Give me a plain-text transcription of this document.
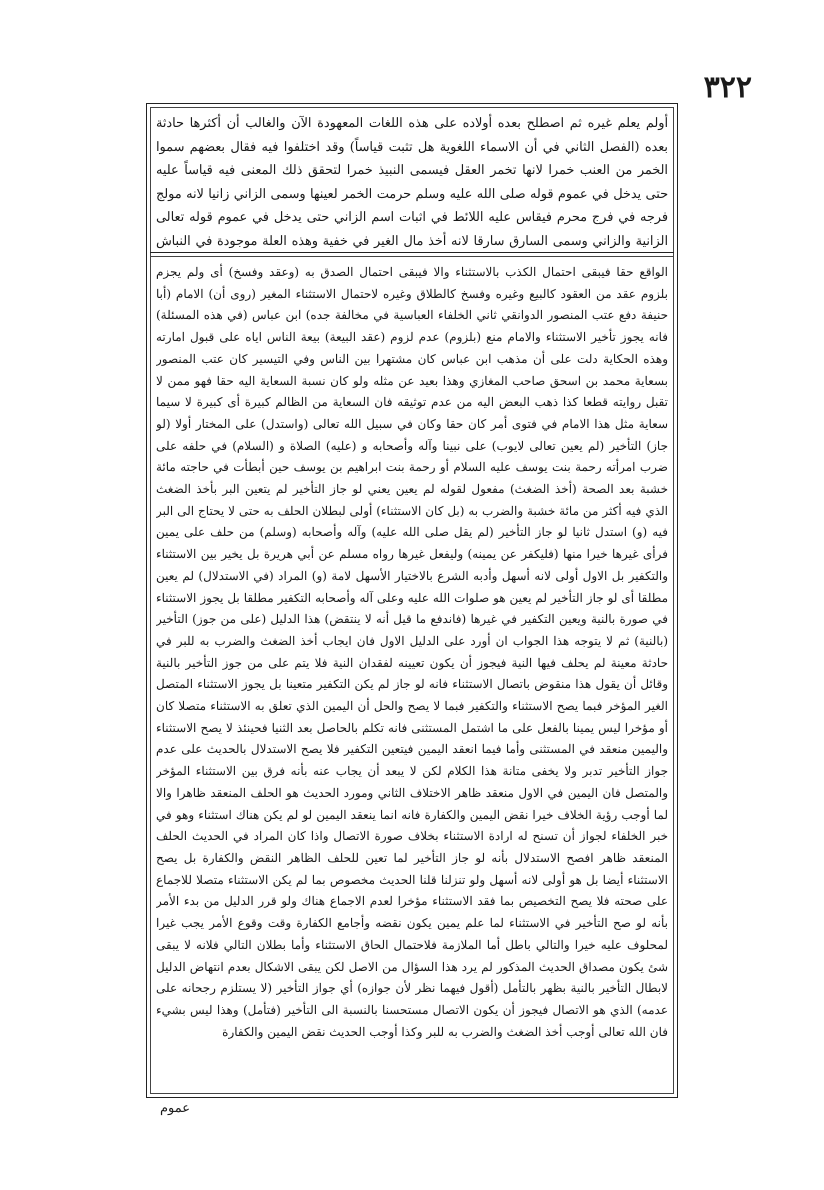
٣٢٢
أولم يعلم غيره ثم اصطلح بعده أولاده على هذه اللغات المعهودة الآن والغالب أن أكثرها حادثة بعده (الفصل الثاني في أن الاسماء اللغوية هل تثبت قياساً) وقد اختلفوا فيه فقال بعضهم سموا الخمر من العنب خمرا لانها تخمر العقل فيسمى النبيذ خمرا لتحقق ذلك المعنى فيه قياساً عليه حتى يدخل في عموم قوله صلى الله عليه وسلم حرمت الخمر لعينها وسمى الزاني زانيا لانه مولج فرجه في فرج محرم فيقاس عليه اللائط في اثبات اسم الزاني حتى يدخل في عموم قوله تعالى الزانية والزاني وسمى السارق سارقا لانه أخذ مال الغير في خفية وهذه العلة موجودة في النباش
الواقع حقا فيبقى احتمال الكذب بالاستثناء والا فيبقى احتمال الصدق به (وعقد وفسخ) أى ولم يجزم بلزوم عقد من العقود كالبيع وغيره وفسخ كالطلاق وغيره لاحتمال الاستثناء المغير (روى أن) الامام (أبا حنيفة دفع عتب المنصور الدوانقي ثاني الخلفاء العباسية في مخالفة جده) ابن عباس (في هذه المسئلة) فانه يجوز تأخير الاستثناء والامام منع (بلزوم) عدم لزوم (عقد البيعة) بيعة الناس اياه على قبول امارته وهذه الحكاية دلت على أن مذهب ابن عباس كان مشتهرا بين الناس وفي التيسير كان عتب المنصور بسعاية محمد بن اسحق صاحب المغازي وهذا بعيد عن مثله ولو كان نسبة السعاية اليه حقا فهو ممن لا تقبل روايته قطعا كذا ذهب البعض اليه من عدم توثيقه فان السعاية من الظالم كبيرة أى كبيرة لا سيما سعاية مثل هذا الامام في فتوى أمر كان حقا وكان في سبيل الله تعالى (واستدل) على المختار أولا (لو جاز) التأخير (لم يعين تعالى لايوب) على نبينا وآله وأصحابه و (عليه) الصلاة و (السلام) في حلفه على ضرب امرأته رحمة بنت يوسف عليه السلام أو رحمة بنت ابراهيم بن يوسف حين أبطأت في حاجته مائة خشبة بعد الصحة (أخذ الضغث) مفعول لقوله لم يعين يعني لو جاز التأخير لم يتعين البر بأخذ الضغث الذي فيه أكثر من مائة خشبة والضرب به (بل كان الاستثناء) أولى لبطلان الحلف به حتى لا يحتاج الى البر فيه (و) استدل ثانيا لو جاز التأخير (لم يقل صلى الله عليه) وآله وأصحابه (وسلم) من حلف على يمين فرأى غيرها خيرا منها (فليكفر عن يمينه) وليفعل غيرها رواه مسلم عن أبي هريرة بل يخير بين الاستثناء والتكفير بل الاول أولى لانه أسهل وأدبه الشرع بالاختيار الأسهل لامة (و) المراد (في الاستدلال) لم يعين مطلقا أى لو جاز التأخير لم يعين هو صلوات الله عليه وعلى آله وأصحابه التكفير مطلقا بل يجوز الاستثناء في صورة بالنية ويعين التكفير في غيرها (فاندفع ما قيل أنه لا ينتقض) هذا الدليل (على من جوز) التأخير (بالنية) ثم لا يتوجه هذا الجواب ان أورد على الدليل الاول فان ايجاب أخذ الضغث والضرب به للبر في حادثة معينة لم يحلف فيها النية فيجوز أن يكون تعيينه لفقدان النية فلا يتم على من جوز التأخير بالنية وقائل أن يقول هذا منقوض باتصال الاستثناء فانه لو جاز لم يكن التكفير متعينا بل يجوز الاستثناء المتصل الغير المؤخر فبما يصح الاستثناء والتكفير فبما لا يصح والحل أن اليمين الذي تعلق به الاستثناء متصلا كان أو مؤخرا ليس يمينا بالفعل على ما اشتمل المستثنى فانه تكلم بالحاصل بعد الثنيا فحينئذ لا يصح الاستثناء واليمين منعقد في المستثنى وأما فيما انعقد اليمين فيتعين التكفير فلا يصح الاستدلال بالحديث على عدم جواز التأخير تدبر ولا يخفى متانة هذا الكلام لكن لا يبعد أن يجاب عنه بأنه فرق بين الاستثناء المؤخر والمتصل فان اليمين في الاول منعقد ظاهر الاختلاف الثاني ومورد الحديث هو الحلف المنعقد ظاهرا والا لما أوجب رؤية الخلاف خيرا نقض اليمين والكفارة فانه انما ينعقد اليمين لو لم يكن هناك استثناء وهو في خبر الخلفاء لجواز أن تسنح له ارادة الاستثناء بخلاف صورة الاتصال واذا كان المراد في الحديث الحلف المنعقد ظاهر افصح الاستدلال بأنه لو جاز التأخير لما تعين للحلف الظاهر النقض والكفارة بل يصح الاستثناء أيضا بل هو أولى لانه أسهل ولو تنزلنا قلنا الحديث مخصوص بما لم يكن الاستثناء متصلا للاجماع على صحته فلا يصح التخصيص بما فقد الاستثناء مؤخرا لعدم الاجماع هناك ولو قرر الدليل من بدء الأمر بأنه لو صح التأخير في الاستثناء لما علم يمين يكون نقضه وأجامع الكفارة وقت وقوع الأمر يجب غيرا لمحلوف عليه خيرا والتالي باطل أما الملازمة فلاحتمال الحاق الاستثناء وأما بطلان التالي فلانه لا يبقى شئ يكون مصداق الحديث المذكور لم يرد هذا السؤال من الاصل لكن يبقى الاشكال بعدم انتهاض الدليل لابطال التأخير بالنية بظهر بالتأمل (أقول فيهما نظر لأن جوازه) أي جواز التأخير (لا يستلزم رجحانه على عدمه) الذي هو الاتصال فيجوز أن يكون الاتصال مستحسنا بالنسبة الى التأخير (فتأمل) وهذا ليس بشيء فان الله تعالى أوجب أخذ الضغث والضرب به للبر وكذا أوجب الحديث نقض اليمين والكفارة
عموم
